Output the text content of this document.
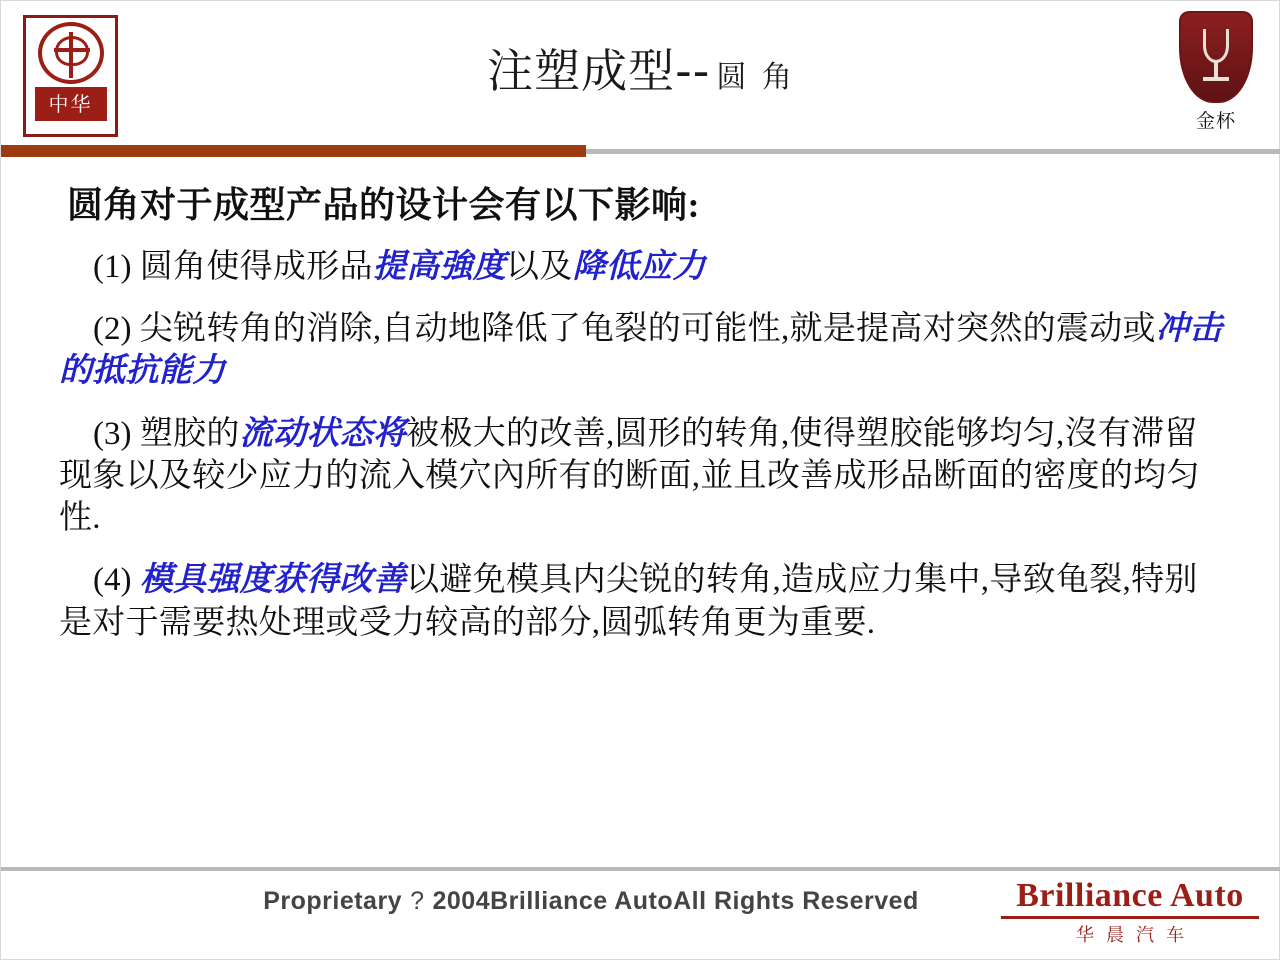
中华
注塑成型-- 圆 角
金杯
圆角对于成型产品的设计会有以下影响:
(1) 圆角使得成形品提高強度以及降低应力
(2) 尖锐转角的消除,自动地降低了龟裂的可能性,就是提高对突然的震动或冲击的抵抗能力
(3) 塑胶的流动状态将被极大的改善,圆形的转角,使得塑胶能够均匀,沒有滞留现象以及较少应力的流入模穴內所有的断面,並且改善成形品断面的密度的均匀性.
(4) 模具强度获得改善以避免模具内尖锐的转角,造成应力集中,导致龟裂,特别是对于需要热处理或受力较高的部分,圆弧转角更为重要.
Proprietary ? 2004Brilliance AutoAll Rights Reserved	Brilliance Auto
华晨汽车
